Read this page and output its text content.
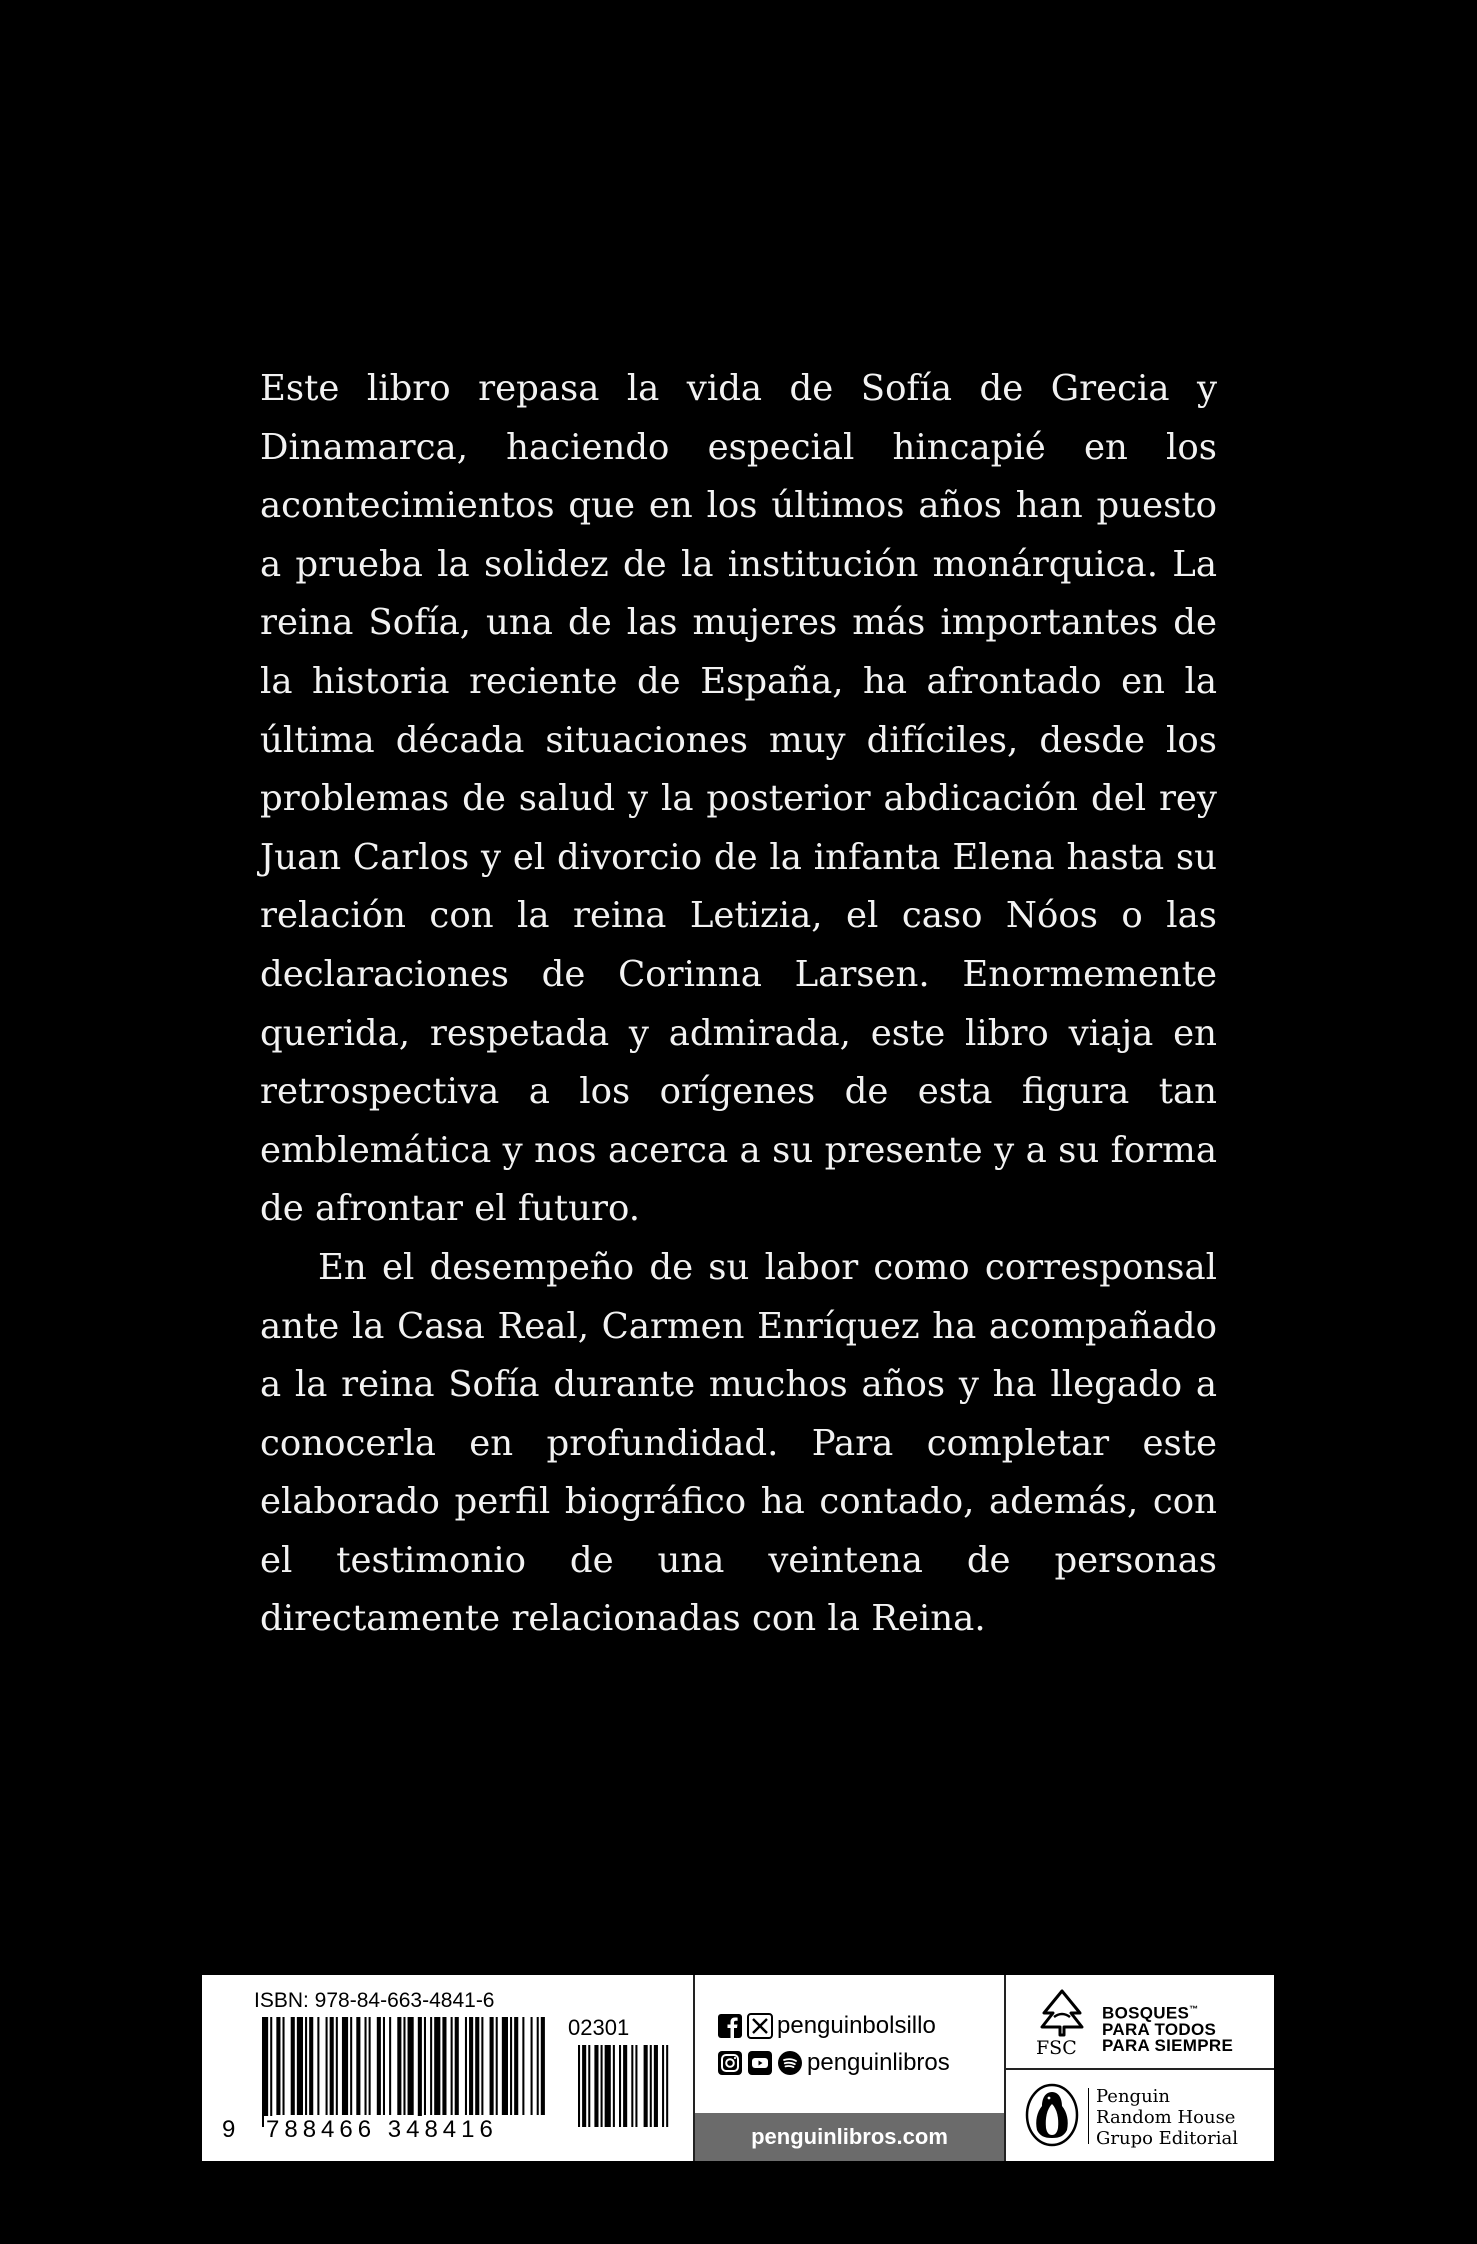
Este libro repasa la vida de Sofía de Grecia y Dinamarca, haciendo especial hincapié en los acontecimientos que en los últimos años han puesto a prueba la solidez de la institución monárquica. La reina Sofía, una de las mujeres más importantes de la historia reciente de España, ha afrontado en la última década situaciones muy difíciles, desde los problemas de salud y la posterior abdicación del rey Juan Carlos y el divorcio de la infanta Elena hasta su relación con la reina Letizia, el caso Nóos o las declaraciones de Corinna Larsen. Enormemente querida, respetada y admirada, este libro viaja en retrospectiva a los orígenes de esta figura tan emblemática y nos acerca a su presente y a su forma de afrontar el futuro.

En el desempeño de su labor como corresponsal ante la Casa Real, Carmen Enríquez ha acompañado a la reina Sofía durante muchos años y ha llegado a conocerla en profundidad. Para completar este elaborado perfil biográfico ha contado, además, con el testimonio de una veintena de personas directamente relacionadas con la Reina.

ISBN: 978-84-663-4841-6
02301
9 788466 348416
penguinbolsillo
penguinlibros
penguinlibros.com
FSC
BOSQUES™
PARA TODOS
PARA SIEMPRE
Penguin
Random House
Grupo Editorial
